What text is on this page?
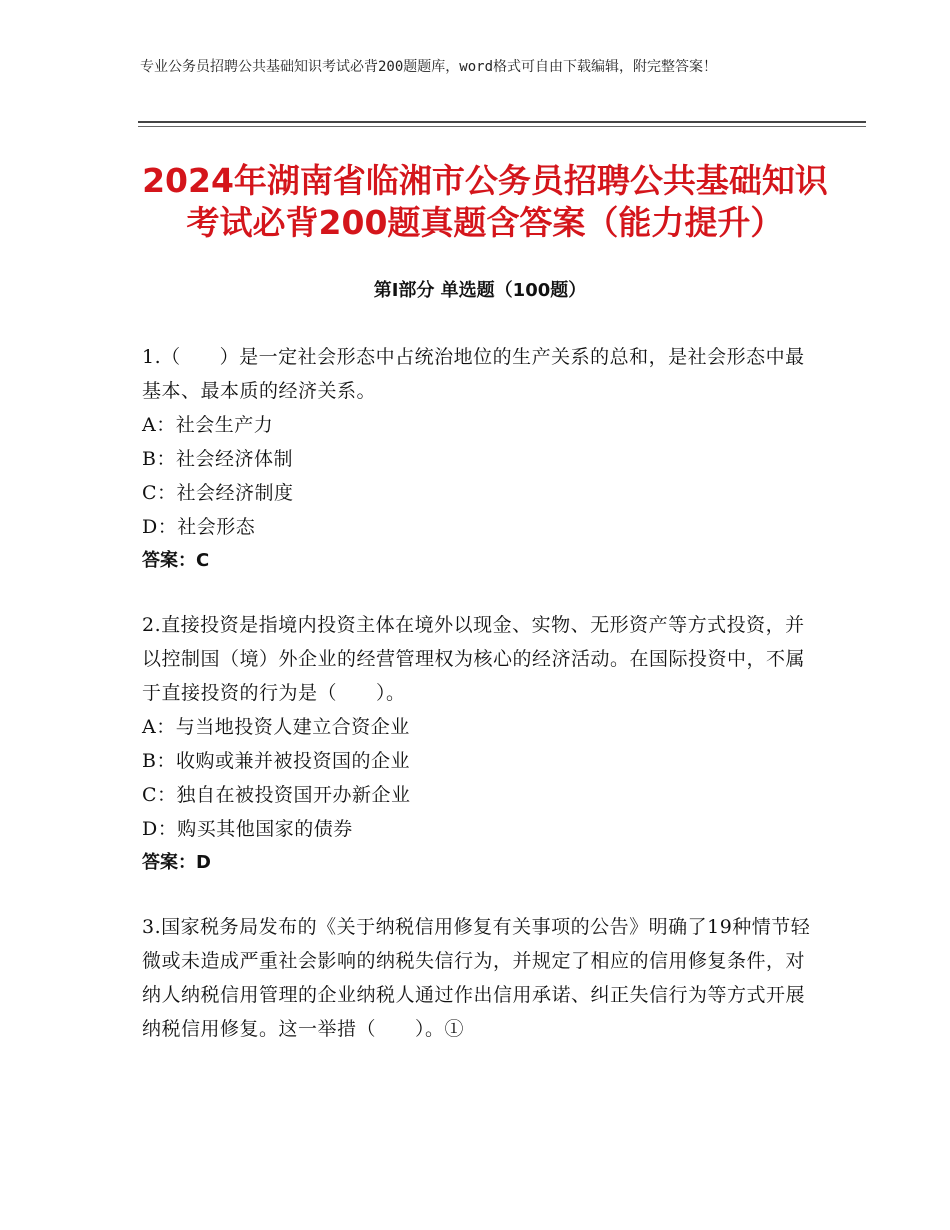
专业公务员招聘公共基础知识考试必背200题题库，word格式可自由下载编辑，附完整答案！
2024年湖南省临湘市公务员招聘公共基础知识考试必背200题真题含答案（能力提升）
第Ⅰ部分 单选题（100题）

1.（　　）是一定社会形态中占统治地位的生产关系的总和，是社会形态中最基本、最本质的经济关系。

A：社会生产力

B：社会经济体制

C：社会经济制度

D：社会形态

答案：C

2.直接投资是指境内投资主体在境外以现金、实物、无形资产等方式投资，并以控制国（境）外企业的经营管理权为核心的经济活动。在国际投资中，不属于直接投资的行为是（　　）。

A：与当地投资人建立合资企业

B：收购或兼并被投资国的企业

C：独自在被投资国开办新企业

D：购买其他国家的债券

答案：D

3.国家税务局发布的《关于纳税信用修复有关事项的公告》明确了19种情节轻微或未造成严重社会影响的纳税失信行为，并规定了相应的信用修复条件，对纳人纳税信用管理的企业纳税人通过作出信用承诺、纠正失信行为等方式开展纳税信用修复。这一举措（　　）。①
